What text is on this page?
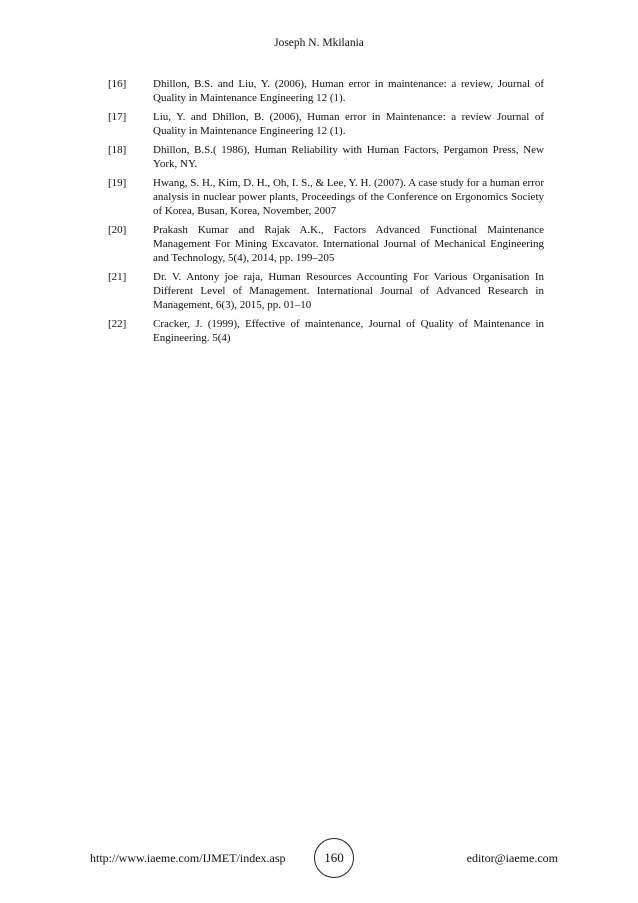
Joseph N. Mkilania
[16]	Dhillon, B.S. and Liu, Y. (2006), Human error in maintenance: a review, Journal of Quality in Maintenance Engineering 12 (1).
[17]	Liu, Y. and Dhillon, B. (2006), Human error in Maintenance: a review Journal of Quality in Maintenance Engineering 12 (1).
[18]	Dhillon, B.S.( 1986), Human Reliability with Human Factors, Pergamon Press, New York, NY.
[19]	Hwang, S. H., Kim, D. H., Oh, I. S., & Lee, Y. H. (2007). A case study for a human error analysis in nuclear power plants, Proceedings of the Conference on Ergonomics Society of Korea, Busan, Korea, November, 2007
[20]	Prakash Kumar and Rajak A.K., Factors Advanced Functional Maintenance Management For Mining Excavator. International Journal of Mechanical Engineering and Technology, 5(4), 2014, pp. 199–205
[21]	Dr. V. Antony joe raja, Human Resources Accounting For Various Organisation In Different Level of Management. International Journal of Advanced Research in Management, 6(3), 2015, pp. 01–10
[22]	Cracker, J. (1999), Effective of maintenance, Journal of Quality of Maintenance in Engineering. 5(4)
http://www.iaeme.com/IJMET/index.asp	160	editor@iaeme.com
